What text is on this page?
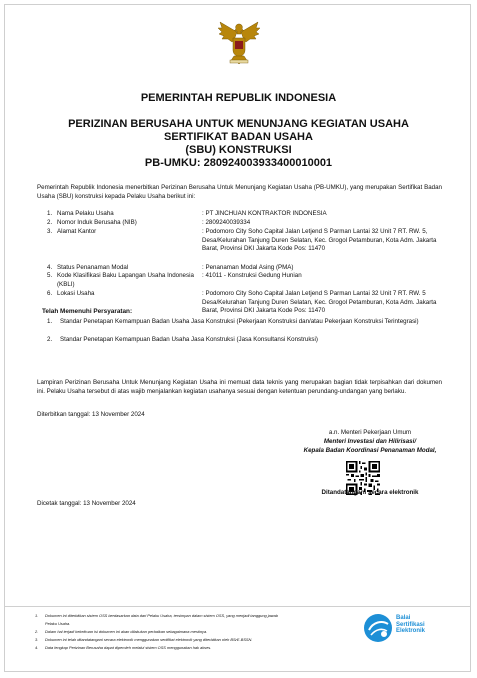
PEMERINTAH REPUBLIK INDONESIA
PERIZINAN BERUSAHA UNTUK MENUNJANG KEGIATAN USAHA
SERTIFIKAT BADAN USAHA
(SBU) KONSTRUKSI
PB-UMKU: 280924003933400010001
Pemerintah Republik Indonesia menerbitkan Perizinan Berusaha Untuk Menunjang Kegiatan Usaha (PB-UMKU), yang merupakan Sertifikat Badan Usaha (SBU) konstruksi kepada Pelaku Usaha berikut ini:
1. Nama Pelaku Usaha	: PT JINCHUAN KONTRAKTOR INDONESIA
2. Nomor Induk Berusaha (NIB)	: 2809240039334
3. Alamat Kantor	: Podomoro City Soho Capital Jalan Letjend S Parman Lantai 32 Unit 7 RT. RW. 5, Desa/Kelurahan Tanjung Duren Selatan, Kec. Grogol Petamburan, Kota Adm. Jakarta Barat, Provinsi DKI Jakarta Kode Pos: 11470
4. Status Penanaman Modal	: Penanaman Modal Asing (PMA)
5. Kode Klasifikasi Baku Lapangan Usaha Indonesia (KBLI)
: 41011 - Konstruksi Gedung Hunian
6. Lokasi Usaha	: Podomoro City Soho Capital Jalan Letjend S Parman Lantai 32 Unit 7 RT. RW. 5 Desa/Kelurahan Tanjung Duren Selatan, Kec. Grogol Petamburan, Kota Adm. Jakarta Barat, Provinsi DKI Jakarta Kode Pos: 11470
Telah Memenuhi Persyaratan:
1. Standar Penetapan Kemampuan Badan Usaha Jasa Konstruksi (Pekerjaan Konstruksi dan/atau Pekerjaan Konstruksi Terintegrasi)
2. Standar Penetapan Kemampuan Badan Usaha Jasa Konstruksi (Jasa Konsultansi Konstruksi)
Lampiran Perizinan Berusaha Untuk Menunjang Kegiatan Usaha ini memuat data teknis yang merupakan bagian tidak terpisahkan dari dokumen ini. Pelaku Usaha tersebut di atas wajib menjalankan kegiatan usahanya sesuai dengan ketentuan perundang-undangan yang berlaku.
Diterbitkan tanggal: 13 November 2024
a.n. Menteri Pekerjaan Umum
Menteri Investasi dan Hilirisasi/
Kepala Badan Koordinasi Penanaman Modal,
Ditandatangani secara elektronik
Dicetak tanggal: 13 November 2024
1. Dokumen ini diterbitkan sistem OSS berdasarkan data dari Pelaku Usaha, tersimpan dalam sistem OSS, yang menjadi tanggung jawab
Pelaku Usaha.
2. Dalam hal terjadi kekeliruan isi dokumen ini akan dilakukan perbaikan sebagaimana mestinya.
3. Dokumen ini telah ditandatangani secara elektronik menggunakan sertifikat elektronik yang diterbitkan oleh BSrE-BSSN.
4. Data lengkap Perizinan Berusaha dapat diperoleh melalui sistem OSS menggunakan hak akses.
Balai
Sertifikasi
Elektronik
